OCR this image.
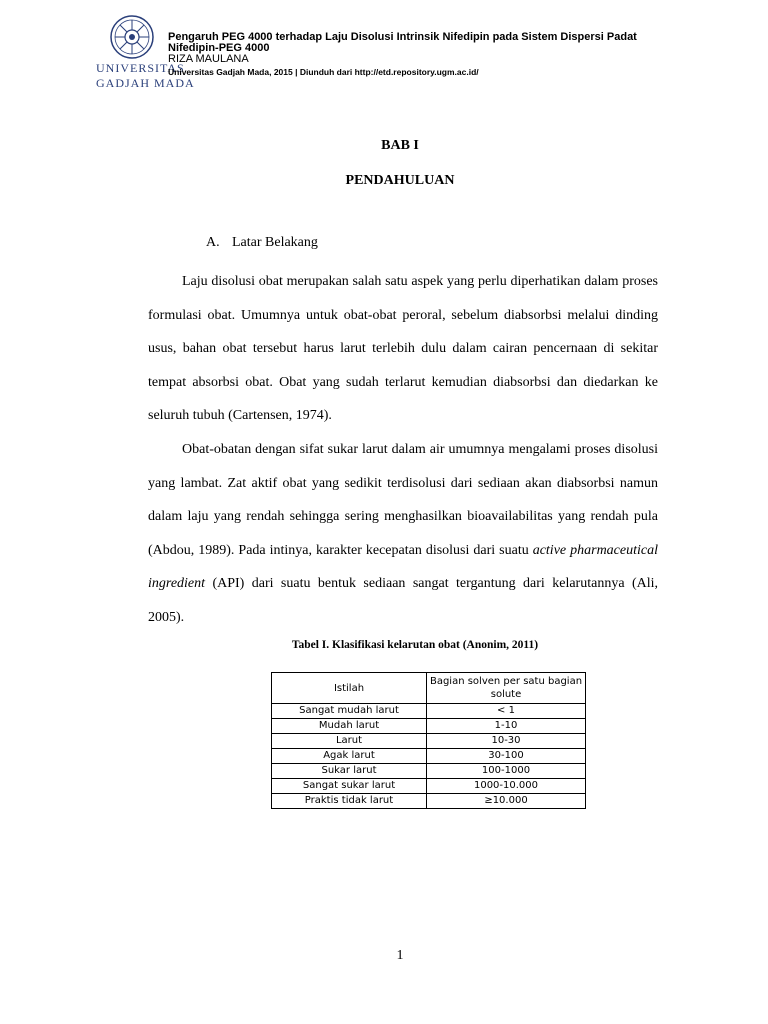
UNIVERSITAS
GADJAH MADA
Pengaruh PEG 4000 terhadap Laju Disolusi Intrinsik Nifedipin pada Sistem Dispersi Padat Nifedipin-PEG 4000
RIZA MAULANA
Universitas Gadjah Mada, 2015 | Diunduh dari http://etd.repository.ugm.ac.id/
BAB I
PENDAHULUAN
A. Latar Belakang

Laju disolusi obat merupakan salah satu aspek yang perlu diperhatikan dalam proses formulasi obat. Umumnya untuk obat-obat peroral, sebelum diabsorbsi melalui dinding usus, bahan obat tersebut harus larut terlebih dulu dalam cairan pencernaan di sekitar tempat absorbsi obat. Obat yang sudah terlarut kemudian diabsorbsi dan diedarkan ke seluruh tubuh (Cartensen, 1974).

Obat-obatan dengan sifat sukar larut dalam air umumnya mengalami proses disolusi yang lambat. Zat aktif obat yang sedikit terdisolusi dari sediaan akan diabsorbsi namun dalam laju yang rendah sehingga sering menghasilkan bioavailabilitas yang rendah pula (Abdou, 1989). Pada intinya, karakter kecepatan disolusi dari suatu active pharmaceutical ingredient (API) dari suatu bentuk sediaan sangat tergantung dari kelarutannya (Ali, 2005).

Tabel I. Klasifikasi kelarutan obat (Anonim, 2011)
Istilah	Bagian solven per satu bagian solute
Sangat mudah larut	< 1
Mudah larut	1-10
Larut	10-30
Agak larut	30-100
Sukar larut	100-1000
Sangat sukar larut	1000-10.000
Praktis tidak larut	≥10.000
1
